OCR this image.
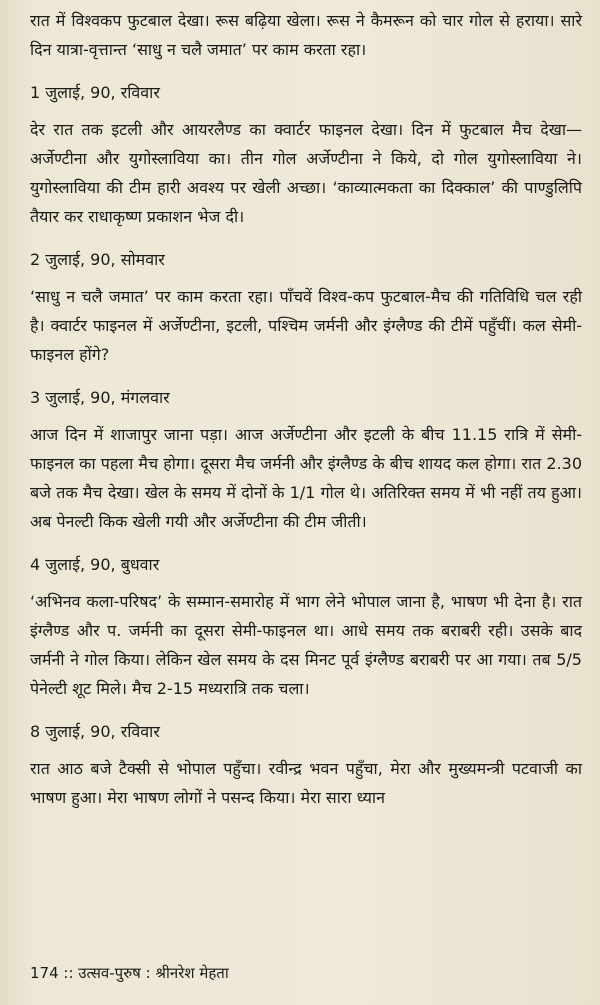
रात में विश्वकप फुटबाल देखा। रूस बढ़िया खेला। रूस ने कैमरून को चार गोल से हराया। सारे दिन यात्रा-वृत्तान्त ‘साधु न चलै जमात’ पर काम करता रहा।

1 जुलाई, 90, रविवार

देर रात तक इटली और आयरलैण्ड का क्वार्टर फाइनल देखा। दिन में फुटबाल मैच देखा—अर्जेण्टीना और युगोस्लाविया का। तीन गोल अर्जेण्टीना ने किये, दो गोल युगोस्लाविया ने। युगोस्लाविया की टीम हारी अवश्य पर खेली अच्छा। ‘काव्यात्मकता का दिक्काल’ की पाण्डुलिपि तैयार कर राधाकृष्ण प्रकाशन भेज दी।

2 जुलाई, 90, सोमवार

‘साधु न चलै जमात’ पर काम करता रहा। पाँचवें विश्व-कप फुटबाल-मैच की गतिविधि चल रही है। क्वार्टर फाइनल में अर्जेण्टीना, इटली, पश्चिम जर्मनी और इंग्लैण्ड की टीमें पहुँचीं। कल सेमी-फाइनल होंगे?

3 जुलाई, 90, मंगलवार

आज दिन में शाजापुर जाना पड़ा। आज अर्जेण्टीना और इटली के बीच 11.15 रात्रि में सेमी-फाइनल का पहला मैच होगा। दूसरा मैच जर्मनी और इंग्लैण्ड के बीच शायद कल होगा। रात 2.30 बजे तक मैच देखा। खेल के समय में दोनों के 1/1 गोल थे। अतिरिक्त समय में भी नहीं तय हुआ। अब पेनल्टी किक खेली गयी और अर्जेण्टीना की टीम जीती।

4 जुलाई, 90, बुधवार

‘अभिनव कला-परिषद’ के सम्मान-समारोह में भाग लेने भोपाल जाना है, भाषण भी देना है। रात इंग्लैण्ड और प. जर्मनी का दूसरा सेमी-फाइनल था। आधे समय तक बराबरी रही। उसके बाद जर्मनी ने गोल किया। लेकिन खेल समय के दस मिनट पूर्व इंग्लैण्ड बराबरी पर आ गया। तब 5/5 पेनेल्टी शूट मिले। मैच 2-15 मध्यरात्रि तक चला।

8 जुलाई, 90, रविवार

रात आठ बजे टैक्सी से भोपाल पहुँचा। रवीन्द्र भवन पहुँचा, मेरा और मुख्यमन्त्री पटवाजी का भाषण हुआ। मेरा भाषण लोगों ने पसन्द किया। मेरा सारा ध्यान

174 :: उत्सव-पुरुष : श्रीनरेश मेहता
